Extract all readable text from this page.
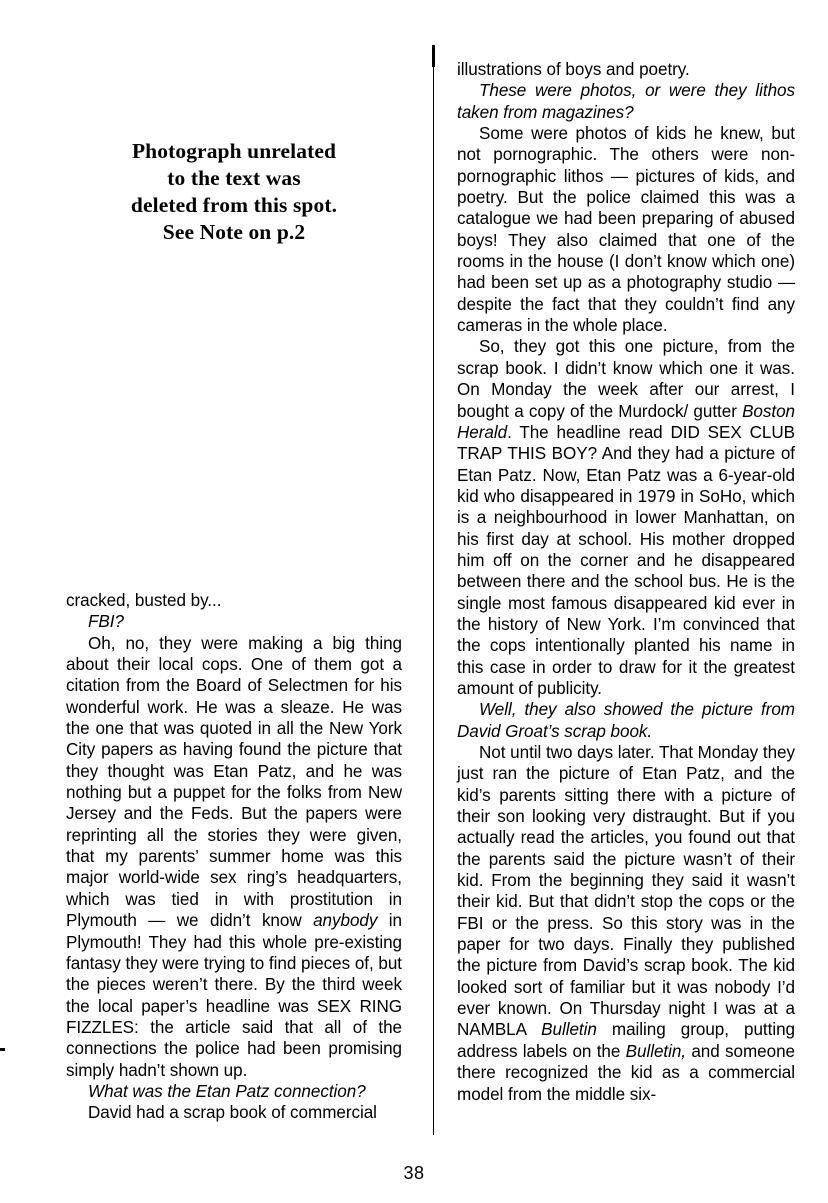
Photograph unrelated
to the text was
deleted from this spot.
See Note on p.2

cracked, busted by...

FBI?

Oh, no, they were making a big thing about their local cops. One of them got a citation from the Board of Selectmen for his wonderful work. He was a sleaze. He was the one that was quoted in all the New York City papers as having found the picture that they thought was Etan Patz, and he was nothing but a puppet for the folks from New Jersey and the Feds. But the papers were reprinting all the stories they were given, that my parents’ summer home was this major world-wide sex ring’s headquarters, which was tied in with prostitution in Plymouth — we didn’t know anybody in Plymouth! They had this whole pre-existing fantasy they were trying to find pieces of, but the pieces weren’t there. By the third week the local paper’s headline was SEX RING FIZZLES: the article said that all of the connections the police had been promising simply hadn’t shown up.

What was the Etan Patz connection?

David had a scrap book of commercial

illustrations of boys and poetry.

These were photos, or were they lithos taken from magazines?

Some were photos of kids he knew, but not pornographic. The others were non-pornographic lithos — pictures of kids, and poetry. But the police claimed this was a catalogue we had been preparing of abused boys! They also claimed that one of the rooms in the house (I don’t know which one) had been set up as a photography studio — despite the fact that they couldn’t find any cameras in the whole place.

So, they got this one picture, from the scrap book. I didn’t know which one it was. On Monday the week after our arrest, I bought a copy of the Murdock/ gutter Boston Herald. The headline read DID SEX CLUB TRAP THIS BOY? And they had a picture of Etan Patz. Now, Etan Patz was a 6-year-old kid who disappeared in 1979 in SoHo, which is a neighbourhood in lower Manhattan, on his first day at school. His mother dropped him off on the corner and he disappeared between there and the school bus. He is the single most famous disappeared kid ever in the history of New York. I’m convinced that the cops intentionally planted his name in this case in order to draw for it the greatest amount of publicity.

Well, they also showed the picture from David Groat’s scrap book.

Not until two days later. That Monday they just ran the picture of Etan Patz, and the kid’s parents sitting there with a picture of their son looking very distraught. But if you actually read the articles, you found out that the parents said the picture wasn’t of their kid. From the beginning they said it wasn’t their kid. But that didn’t stop the cops or the FBI or the press. So this story was in the paper for two days. Finally they published the picture from David’s scrap book. The kid looked sort of familiar but it was nobody I’d ever known. On Thursday night I was at a NAMBLA Bulletin mailing group, putting address labels on the Bulletin, and someone there recognized the kid as a commercial model from the middle six-

38
